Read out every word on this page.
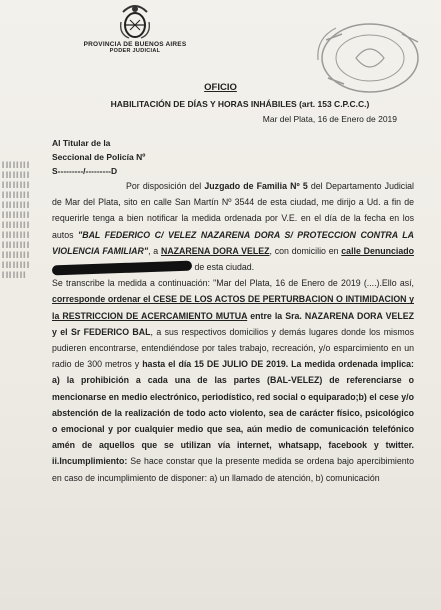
PROVINCIA DE BUENOS AIRES
PODER JUDICIAL
ǁǁǁǁǁǁǁǁǁǁǁǁǁǁǁǁǁǁǁǁǁǁǁǁǁǁǁǁǁǁǁǁǁǁǁǁǁǁǁǁǁǁǁǁǁǁǁǁǁǁǁǁǁǁǁǁǁǁǁǁǁǁǁǁǁǁǁǁǁǁǁǁǁǁǁǁǁǁǁǁǁǁǁǁǁǁǁǁǁǁǁǁǁǁǁ
OFICIO
HABILITACIÓN DE DÍAS Y HORAS INHÁBILES (art. 153 C.P.C.C.)
Mar del Plata, 16 de Enero de 2019
Al Titular de la
Seccional de Policía Nº
S---------/---------D

Por disposición del Juzgado de Familia Nº 5 del Departamento Judicial de Mar del Plata, sito en calle San Martín Nº 3544 de esta ciudad, me dirijo a Ud. a fin de requerirle tenga a bien notificar la medida ordenada por V.E. en el día de la fecha en los autos "BAL FEDERICO C/ VELEZ NAZARENA DORA S/ PROTECCION CONTRA LA VIOLENCIA FAMILIAR", a NAZARENA DORA VELEZ, con domicilio en calle Denunciado  de esta ciudad.
Se transcribe la medida a continuación: "Mar del Plata, 16 de Enero de 2019 (....).Ello así, corresponde ordenar el CESE DE LOS ACTOS DE PERTURBACION O INTIMIDACION y la RESTRICCION DE ACERCAMIENTO MUTUA entre la Sra. NAZARENA DORA VELEZ y el Sr FEDERICO BAL, a sus respectivos domicilios y demás lugares donde los mismos pudieren encontrarse, entendiéndose por tales trabajo, recreación, y/o esparcimiento en un radio de 300 metros y hasta el día 15 DE JULIO DE 2019. La medida ordenada implica: a) la prohibición a cada una de las partes (BAL-VELEZ) de referenciarse o mencionarse en medio electrónico, periodístico, red social o equiparado;b) el cese y/o abstención de la realización de todo acto violento, sea de carácter físico, psicológico o emocional y por cualquier medio que sea, aún medio de comunicación telefónico amén de aquellos que se utilizan vía internet, whatsapp, facebook y twitter. ii.Incumplimiento: Se hace constar que la presente medida se ordena bajo apercibimiento en caso de incumplimiento de disponer: a) un llamado de atención, b) comunicación
